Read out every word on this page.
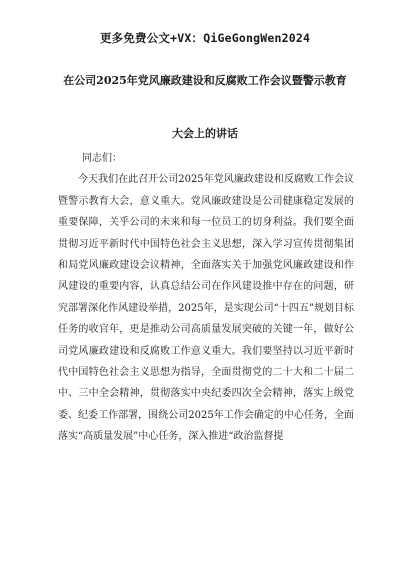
更多免费公文+VX：QiGeGongWen2024
在公司2025年党风廉政建设和反腐败工作会议暨警示教育
大会上的讲话

同志们：

今天我们在此召开公司2025年党风廉政建设和反腐败工作会议暨警示教育大会，意义重大。党风廉政建设是公司健康稳定发展的重要保障，关乎公司的未来和每一位员工的切身利益。我们要全面贯彻习近平新时代中国特色社会主义思想，深入学习宣传贯彻集团和局党风廉政建设会议精神，全面落实关于加强党风廉政建设和作风建设的重要内容，认真总结公司在作风建设推中存在的问题，研究部署深化作风建设举措，2025年，是实现公司“十四五”规划目标任务的收官年，更是推动公司高质量发展突破的关键一年，做好公司党风廉政建设和反腐败工作意义重大。我们要坚持以习近平新时代中国特色社会主义思想为指导，全面贯彻党的二十大和二十届二中、三中全会精神，贯彻落实中央纪委四次全会精神，落实上级党委、纪委工作部署，围绕公司2025年工作会确定的中心任务，全面落实“高质量发展”中心任务，深入推进“政治监督提
